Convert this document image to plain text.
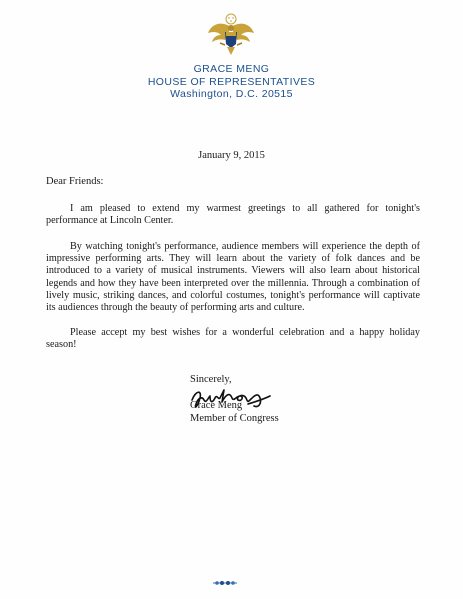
GRACE MENG
HOUSE OF REPRESENTATIVES
Washington, D.C. 20515
January 9, 2015
Dear Friends:

I am pleased to extend my warmest greetings to all gathered for tonight's performance at Lincoln Center.

By watching tonight's performance, audience members will experience the depth of impressive performing arts. They will learn about the variety of folk dances and be introduced to a variety of musical instruments. Viewers will also learn about historical legends and how they have been interpreted over the millennia. Through a combination of lively music, striking dances, and colorful costumes, tonight's performance will captivate its audiences through the beauty of performing arts and culture.

Please accept my best wishes for a wonderful celebration and a happy holiday season!

Sincerely,
Grace Meng
Member of Congress
